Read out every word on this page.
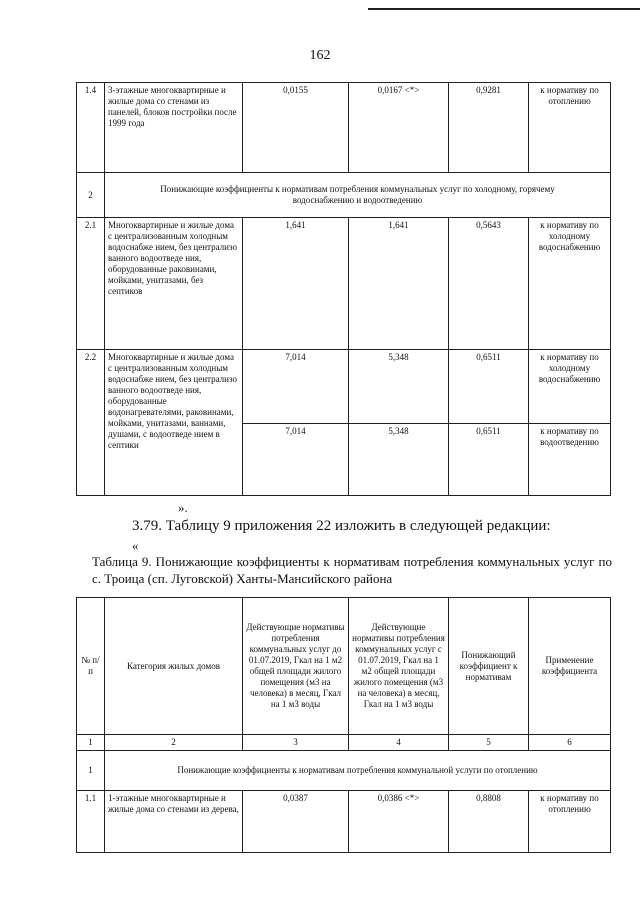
162
1.4	3-этажные многоквартирные и жилые дома со стенами из панелей, блоков постройки после 1999 года	0,0155	0,0167 <*>	0,9281	к нормативу по отоплению
2	Понижающие коэффициенты к нормативам потребления коммунальных услуг по холодному, горячему водоснабжению и водоотведению				
2.1	Многоквартирные и жилые дома с централизованным холодным водоснабже нием, без централизо ванного водоотведе ния, оборудованные раковинами, мойками, унитазами, без септиков	1,641	1,641	0,5643	к нормативу по холодному водоснабжению
2.2	Многоквартирные и жилые дома с централизованным холодным водоснабже нием, без централизо ванного водоотведе ния, оборудованные водонагревателями, раковинами, мойками, унитазами, ваннами, душами, с водоотведе нием в септики	7,014	5,348	0,6511	к нормативу по холодному водоснабжению
		7,014	5,348	0,6511	к нормативу по водоотведению
».
3.79. Таблицу 9 приложения 22 изложить в следующей редакции:
«
Таблица 9. Понижающие коэффициенты к нормативам потребления коммунальных услуг по с. Троица (сп. Луговской) Ханты-Мансийского района
№ п/п	Категория жилых домов	Действующие нормативы потребления коммунальных услуг до 01.07.2019, Гкал на 1 м2 общей площади жилого помещения (м3 на человека) в месяц, Гкал на 1 м3 воды	Действующие нормативы потребления коммунальных услуг с 01.07.2019, Гкал на 1 м2 общей площади жилого помещения (м3 на человека) в месяц, Гкал на 1 м3 воды	Понижающий коэффициент к нормативам	Применение коэффициента
1	2	3	4	5	6
1	Понижающие коэффициенты к нормативам потребления коммунальной услуги по отоплению				
1.1	1-этажные многоквартирные и жилые дома со стенами из дерева,	0,0387	0,0386 <*>	0,8808	к нормативу по отоплению
